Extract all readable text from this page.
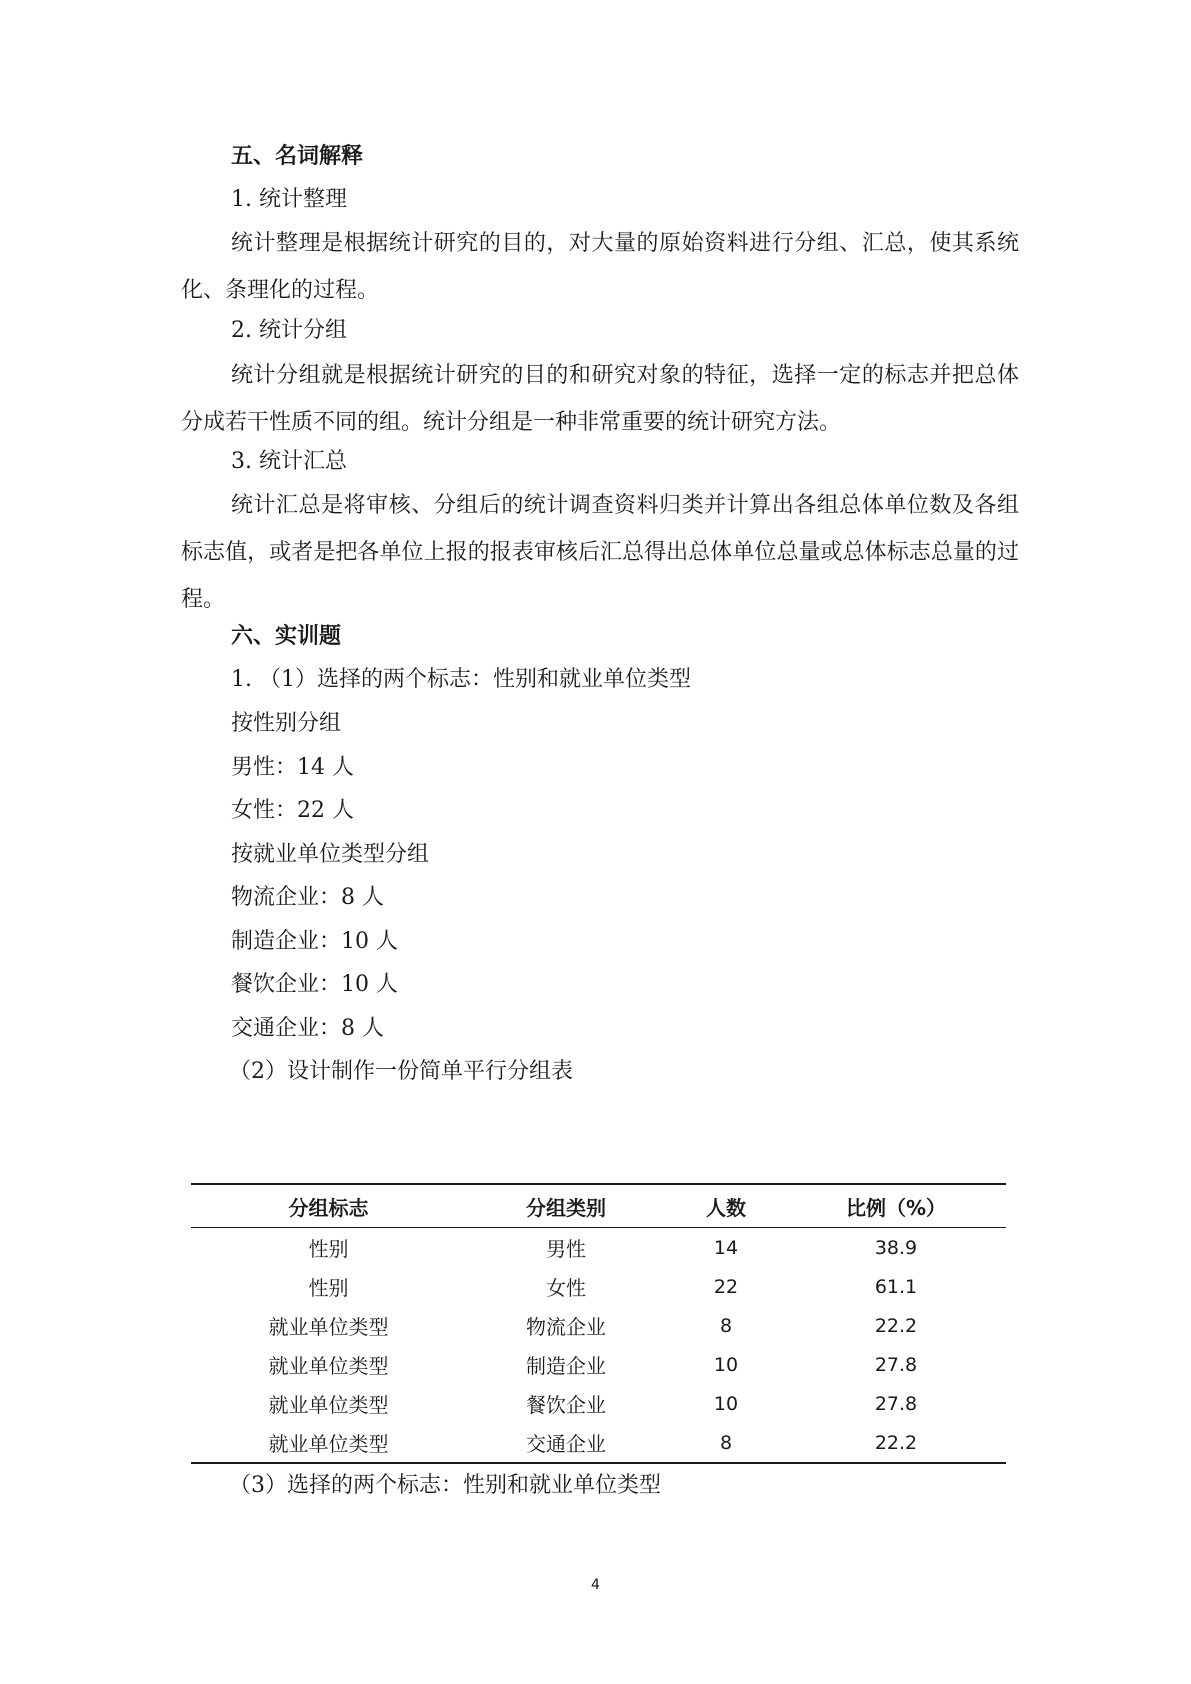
五、名词解释
1. 统计整理

统计整理是根据统计研究的目的，对大量的原始资料进行分组、汇总，使其系统化、条理化的过程。

2. 统计分组

统计分组就是根据统计研究的目的和研究对象的特征，选择一定的标志并把总体分成若干性质不同的组。统计分组是一种非常重要的统计研究方法。

3. 统计汇总

统计汇总是将审核、分组后的统计调查资料归类并计算出各组总体单位数及各组标志值，或者是把各单位上报的报表审核后汇总得出总体单位总量或总体标志总量的过程。

六、实训题
1. （1）选择的两个标志：性别和就业单位类型
按性别分组
男性：14 人
女性：22 人
按就业单位类型分组
物流企业：8 人
制造企业：10 人
餐饮企业：10 人
交通企业：8 人
（2）设计制作一份简单平行分组表
分组标志	分组类别	人数	比例（%）
性别	男性	14	38.9
性别	女性	22	61.1
就业单位类型	物流企业	8	22.2
就业单位类型	制造企业	10	27.8
就业单位类型	餐饮企业	10	27.8
就业单位类型	交通企业	8	22.2
（3）选择的两个标志：性别和就业单位类型
4
